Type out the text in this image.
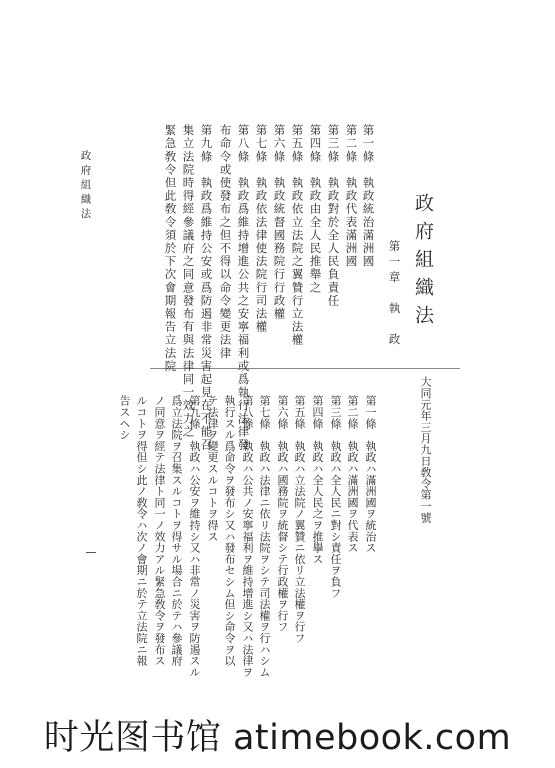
政府組織法
政府組織法
第一章　執　政
第一條　執政統治滿洲國
第二條　執政代表滿洲國
第三條　執政對於全人民負責任
第四條　執政由全人民推舉之
第五條　執政依立法院之翼贊行立法權
第六條　執政統督國務院行行政權
第七條　執政依法律使法院行司法權
第八條　執政爲維持增進公共之安寧福利或爲執行法律發
布命令或使發布之但不得以命令變更法律
第九條　執政爲維持公安或爲防遏非常災害起見在不能召
集立法院時得經參議府之同意發布有與法律同一效力之
緊急敎令但此敎令須於下次會期報告立法院
大同元年三月九日敎令第一號
第一條　執政ハ滿洲國ヲ統治ス
第二條　執政ハ滿洲國ヲ代表ス
第三條　執政ハ全人民ニ對シ責任ヲ負フ
第四條　執政ハ全人民之ヲ推擧ス
第五條　執政ハ立法院ノ翼贊ニ依リ立法權ヲ行フ
第六條　執政ハ國務院ヲ統督シテ行政權ヲ行フ
第七條　執政ハ法律ニ依リ法院ヲシテ司法權ヲ行ハシム
第八條　執政ハ公共ノ安寧福利ヲ維持增進シ又ハ法律ヲ
執行スル爲命令ヲ發布シ又ハ發布セシム但シ命令ヲ以
テ法律ヲ變更スルコトヲ得ス
第九條　執政ハ公安ヲ維持シ又ハ非常ノ災害ヲ防遏スル
爲立法院ヲ召集スルコトヲ得サル場合ニ於テハ參議府
ノ同意ヲ經テ法律ト同一ノ效力アル緊急敎令ヲ發布ス
ルコトヲ得但シ此ノ敎令ハ次ノ會期ニ於テ立法院ニ報
告スヘシ
时光图书馆 atimebook.com
